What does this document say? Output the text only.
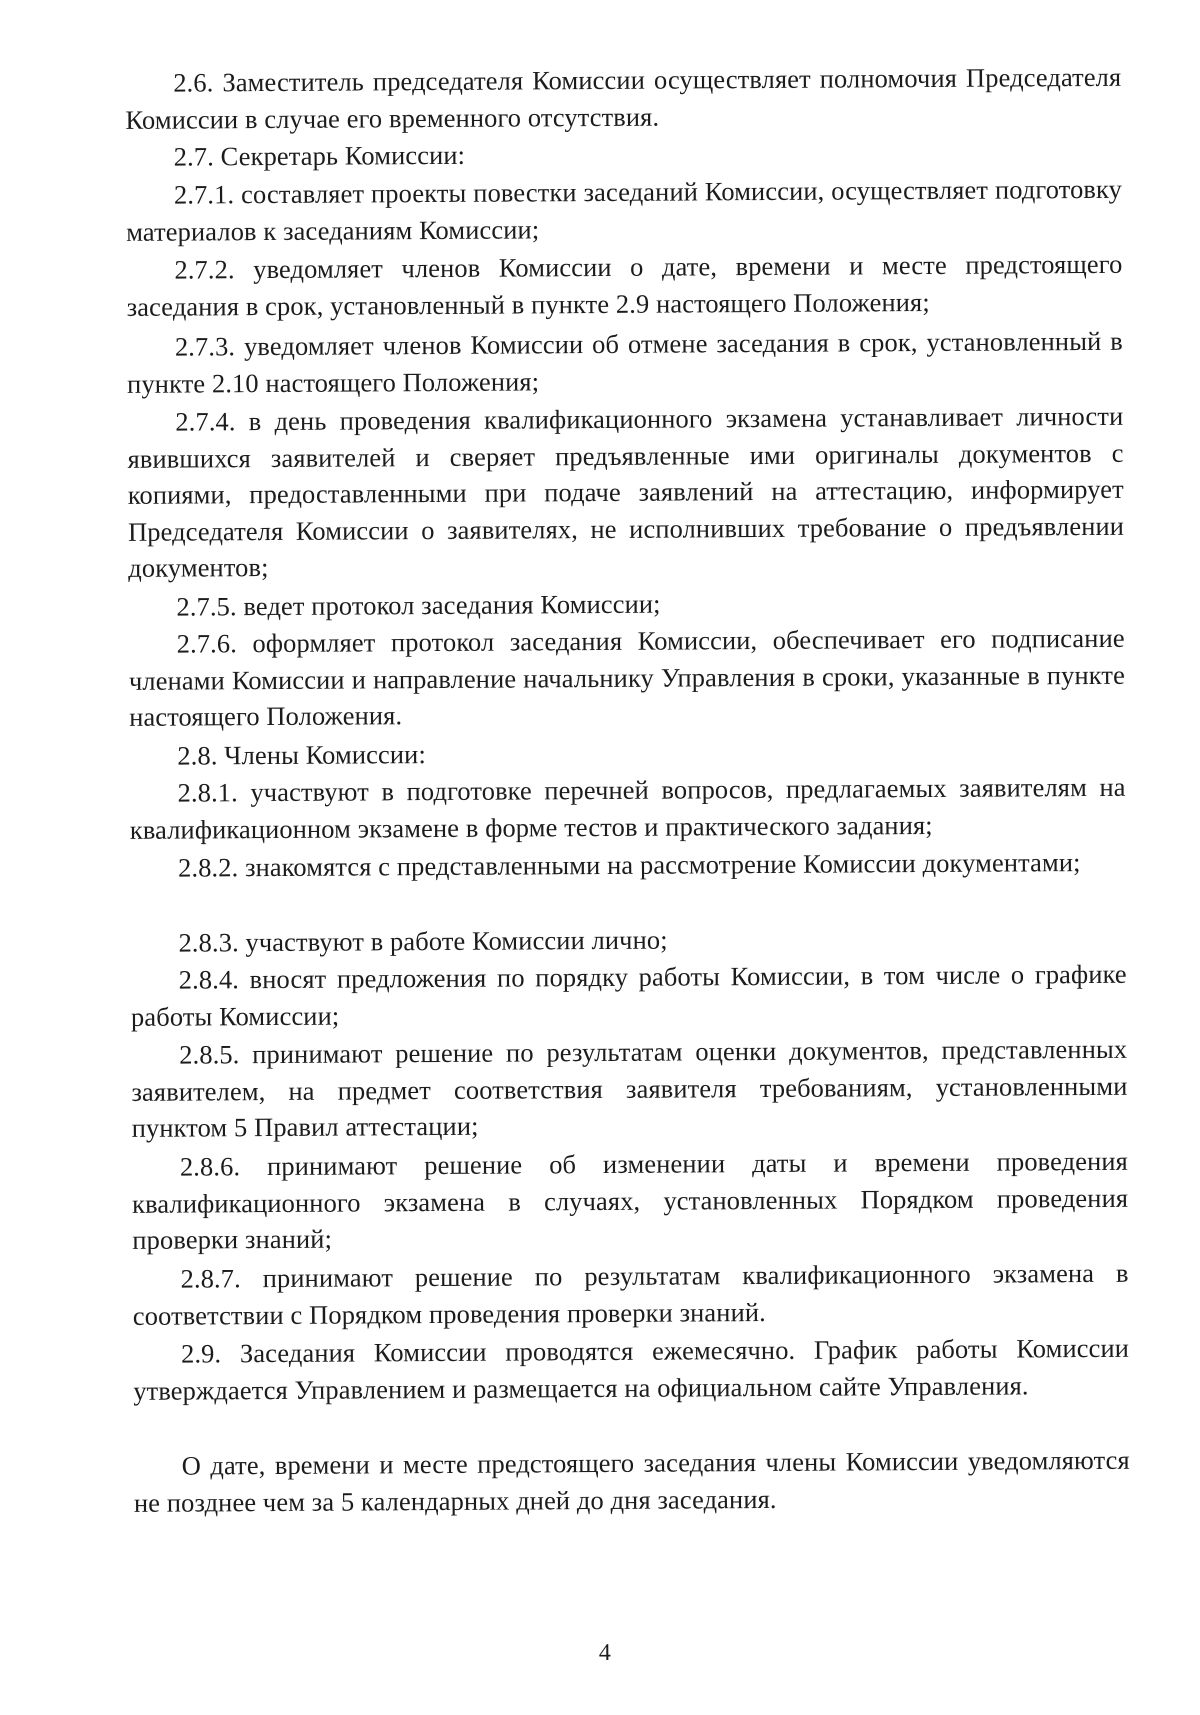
2.6. Заместитель председателя Комиссии осуществляет полномочия Председателя Комиссии в случае его временного отсутствия.

2.7. Секретарь Комиссии:

2.7.1. составляет проекты повестки заседаний Комиссии, осуществляет подготовку материалов к заседаниям Комиссии;

2.7.2. уведомляет членов Комиссии о дате, времени и месте предстоящего заседания в срок, установленный в пункте 2.9 настоящего Положения;

2.7.3. уведомляет членов Комиссии об отмене заседания в срок, установленный в пункте 2.10 настоящего Положения;

2.7.4. в день проведения квалификационного экзамена устанавливает личности явившихся заявителей и сверяет предъявленные ими оригиналы документов с копиями, предоставленными при подаче заявлений на аттестацию, информирует Председателя Комиссии о заявителях, не исполнивших требование о предъявлении документов;

2.7.5. ведет протокол заседания Комиссии;

2.7.6. оформляет протокол заседания Комиссии, обеспечивает его подписание членами Комиссии и направление начальнику Управления в сроки, указанные в пункте настоящего Положения.

2.8. Члены Комиссии:

2.8.1. участвуют в подготовке перечней вопросов, предлагаемых заявителям на квалификационном экзамене в форме тестов и практического задания;

2.8.2. знакомятся с представленными на рассмотрение Комиссии документами;

2.8.3. участвуют в работе Комиссии лично;

2.8.4. вносят предложения по порядку работы Комиссии, в том числе о графике работы Комиссии;

2.8.5. принимают решение по результатам оценки документов, представленных заявителем, на предмет соответствия заявителя требованиям, установленными пунктом 5 Правил аттестации;

2.8.6. принимают решение об изменении даты и времени проведения квалификационного экзамена в случаях, установленных Порядком проведения проверки знаний;

2.8.7. принимают решение по результатам квалификационного экзамена в соответствии с Порядком проведения проверки знаний.

2.9. Заседания Комиссии проводятся ежемесячно. График работы Комиссии утверждается Управлением и размещается на официальном сайте Управления.

О дате, времени и месте предстоящего заседания члены Комиссии уведомляются не позднее чем за 5 календарных дней до дня заседания.

4
